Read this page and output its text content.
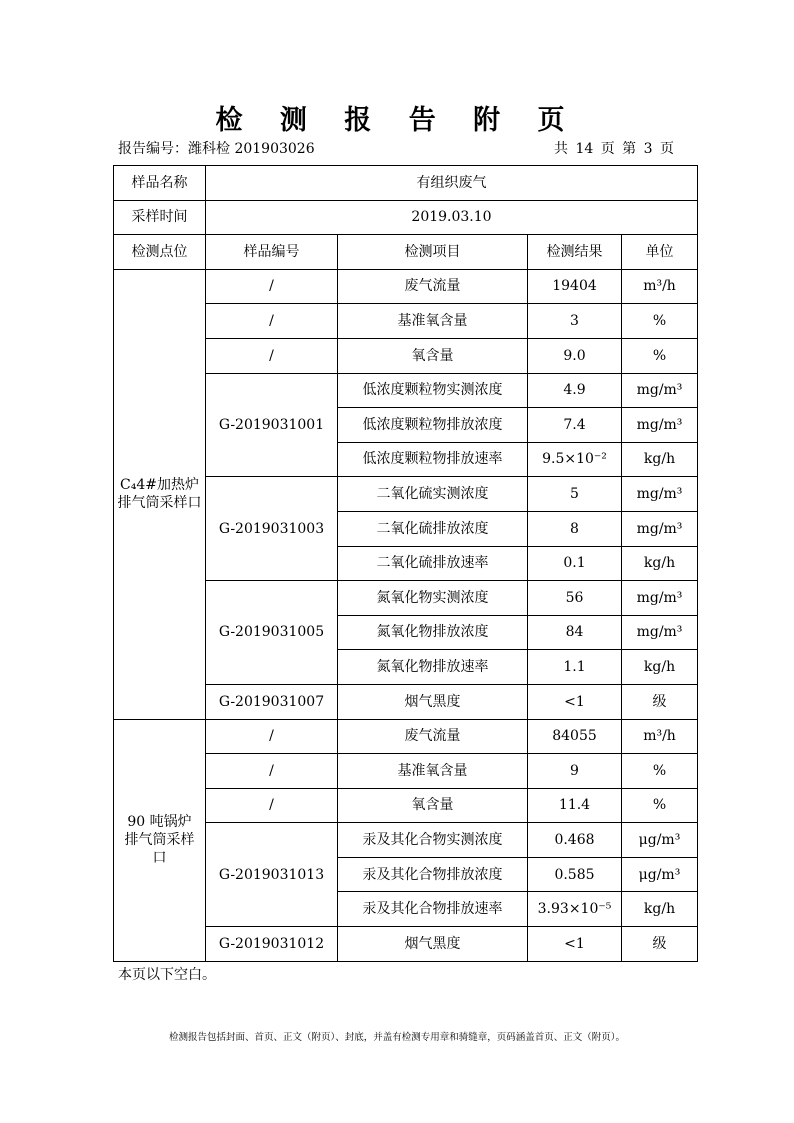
检 测 报 告 附 页
报告编号：潍科检 201903026	共 14 页 第 3 页
样品名称	有组织废气			
采样时间	2019.03.10			
检测点位	样品编号	检测项目	检测结果	单位
C₄4#加热炉排气筒采样口	/	废气流量	19404	m³/h
	/	基准氧含量	3	%
	/	氧含量	9.0	%
	G-2019031001	低浓度颗粒物实测浓度	4.9	mg/m³
		低浓度颗粒物排放浓度	7.4	mg/m³
		低浓度颗粒物排放速率	9.5×10⁻²	kg/h
	G-2019031003	二氧化硫实测浓度	5	mg/m³
		二氧化硫排放浓度	8	mg/m³
		二氧化硫排放速率	0.1	kg/h
	G-2019031005	氮氧化物实测浓度	56	mg/m³
		氮氧化物排放浓度	84	mg/m³
		氮氧化物排放速率	1.1	kg/h
	G-2019031007	烟气黑度	<1	级
90 吨锅炉排气筒采样口	/	废气流量	84055	m³/h
	/	基准氧含量	9	%
	/	氧含量	11.4	%
	G-2019031013	汞及其化合物实测浓度	0.468	μg/m³
		汞及其化合物排放浓度	0.585	μg/m³
		汞及其化合物排放速率	3.93×10⁻⁵	kg/h
	G-2019031012	烟气黑度	<1	级
本页以下空白。
检测报告包括封面、首页、正文（附页）、封底，并盖有检测专用章和骑缝章，页码涵盖首页、正文（附页）。
